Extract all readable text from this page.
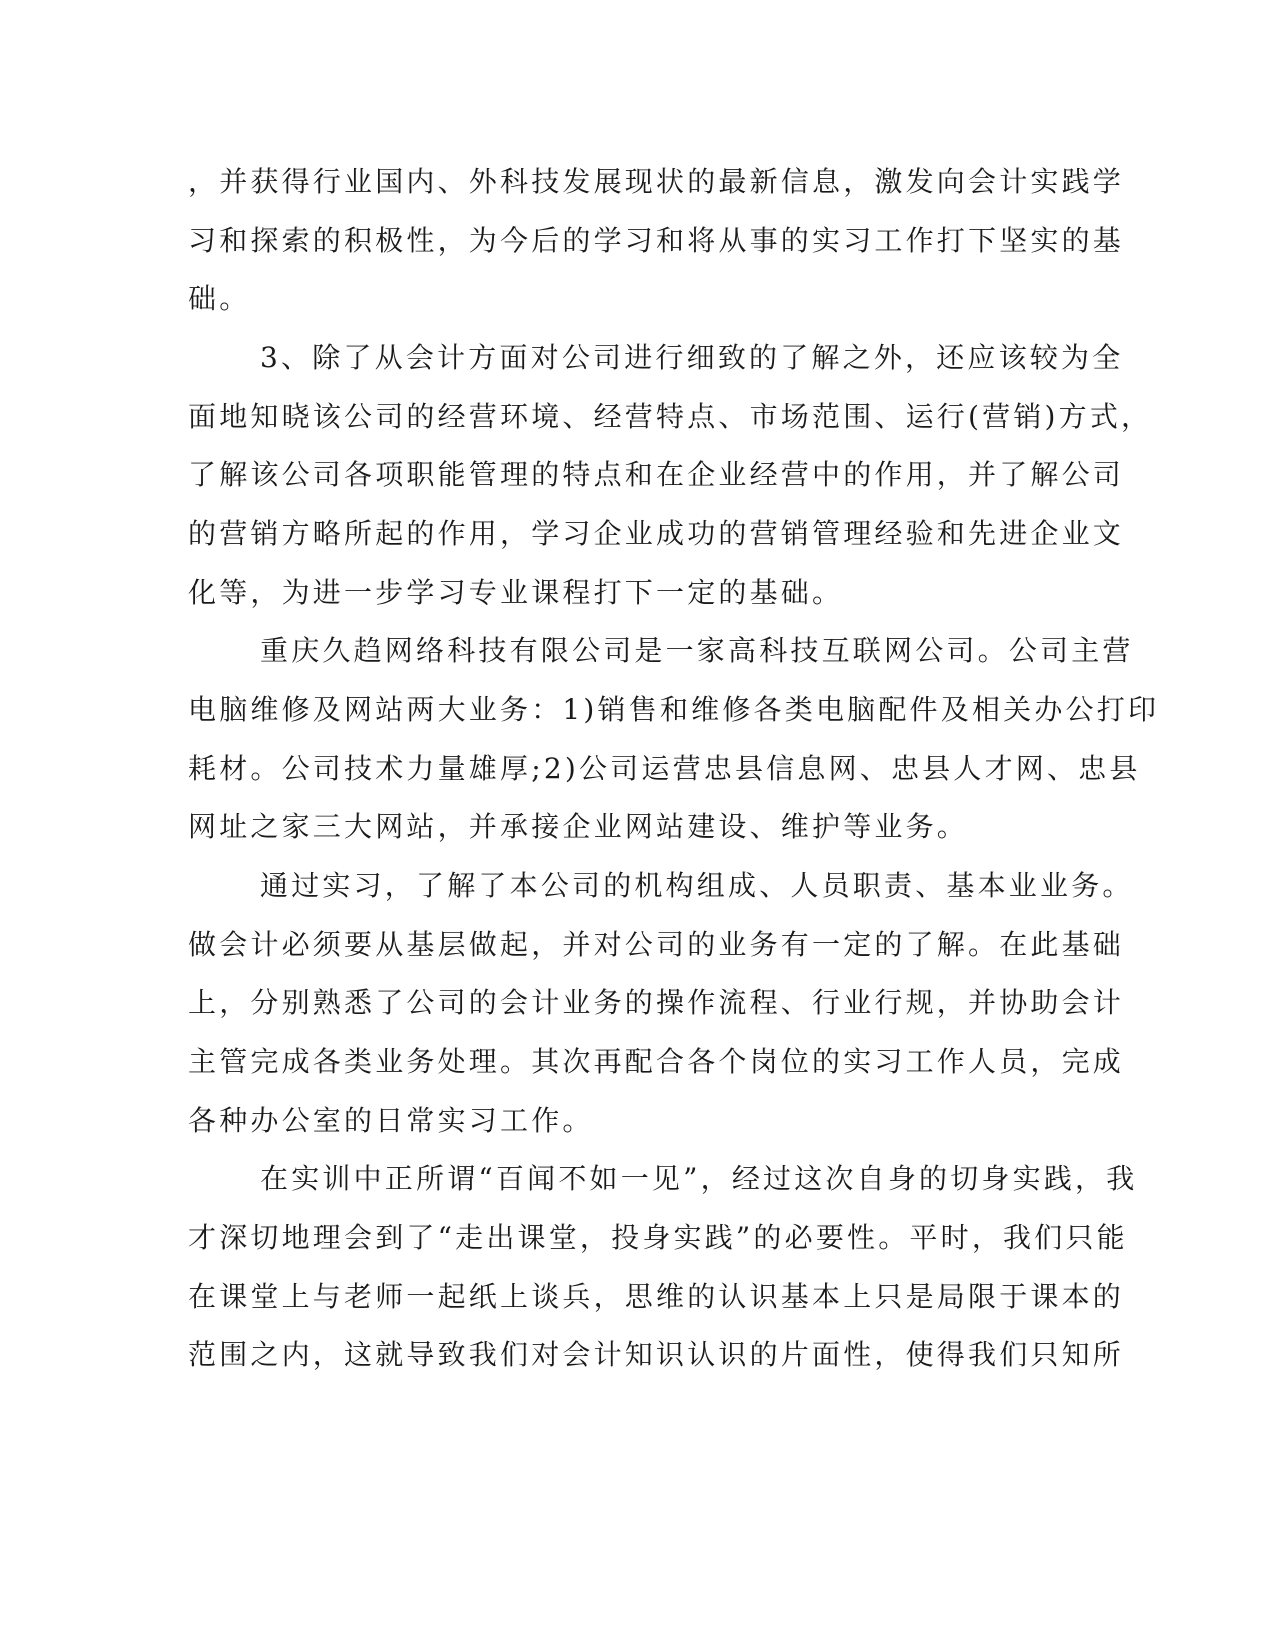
，并获得行业国内、外科技发展现状的最新信息，激发向会计实践学

习和探索的积极性，为今后的学习和将从事的实习工作打下坚实的基

础。

3、除了从会计方面对公司进行细致的了解之外，还应该较为全

面地知晓该公司的经营环境、经营特点、市场范围、运行(营销)方式，

了解该公司各项职能管理的特点和在企业经营中的作用，并了解公司

的营销方略所起的作用，学习企业成功的营销管理经验和先进企业文

化等，为进一步学习专业课程打下一定的基础。

重庆久趋网络科技有限公司是一家高科技互联网公司。公司主营

电脑维修及网站两大业务：1)销售和维修各类电脑配件及相关办公打印

耗材。公司技术力量雄厚;2)公司运营忠县信息网、忠县人才网、忠县

网址之家三大网站，并承接企业网站建设、维护等业务。

通过实习，了解了本公司的机构组成、人员职责、基本业业务。

做会计必须要从基层做起，并对公司的业务有一定的了解。在此基础

上，分别熟悉了公司的会计业务的操作流程、行业行规，并协助会计

主管完成各类业务处理。其次再配合各个岗位的实习工作人员，完成

各种办公室的日常实习工作。

在实训中正所谓“百闻不如一见”，经过这次自身的切身实践，我

才深切地理会到了“走出课堂，投身实践”的必要性。平时，我们只能

在课堂上与老师一起纸上谈兵，思维的认识基本上只是局限于课本的

范围之内，这就导致我们对会计知识认识的片面性，使得我们只知所
